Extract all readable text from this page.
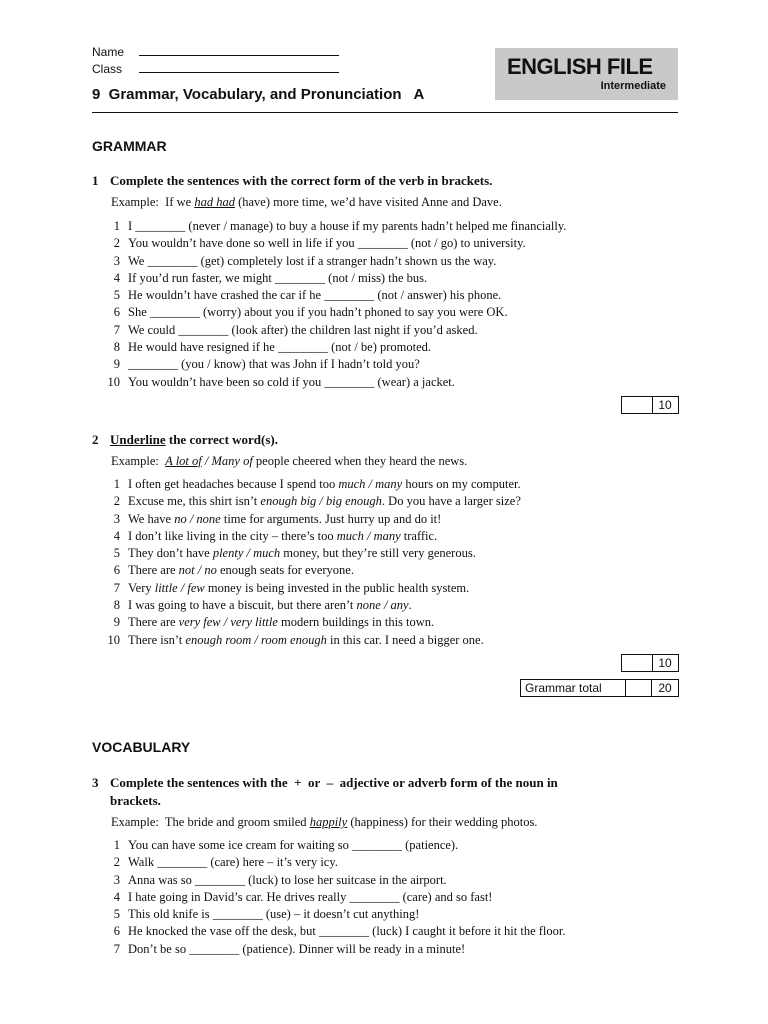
Name
Class	ENGLISH FILE
Intermediate
9  Grammar, Vocabulary, and Pronunciation   A
GRAMMAR
1 Complete the sentences with the correct form of the verb in brackets.
Example:  If we had had (have) more time, we’d have visited Anne and Dave.
1 I ________ (never / manage) to buy a house if my parents hadn’t helped me financially.
2 You wouldn’t have done so well in life if you ________ (not / go) to university.
3 We ________ (get) completely lost if a stranger hadn’t shown us the way.
4 If you’d run faster, we might ________ (not / miss) the bus.
5 He wouldn’t have crashed the car if he ________ (not / answer) his phone.
6 She ________ (worry) about you if you hadn’t phoned to say you were OK.
7 We could ________ (look after) the children last night if you’d asked.
8 He would have resigned if he ________ (not / be) promoted.
9 ________ (you / know) that was John if I hadn’t told you?
10 You wouldn’t have been so cold if you ________ (wear) a jacket.
10
2 Underline the correct word(s).
Example:  A lot of / Many of people cheered when they heard the news.
1 I often get headaches because I spend too much / many hours on my computer.
2 Excuse me, this shirt isn’t enough big / big enough. Do you have a larger size?
3 We have no / none time for arguments. Just hurry up and do it!
4 I don’t like living in the city – there’s too much / many traffic.
5 They don’t have plenty / much money, but they’re still very generous.
6 There are not / no enough seats for everyone.
7 Very little / few money is being invested in the public health system.
8 I was going to have a biscuit, but there aren’t none / any.
9 There are very few / very little modern buildings in this town.
10 There isn’t enough room / room enough in this car. I need a bigger one.
10
Grammar total	20
VOCABULARY
3 Complete the sentences with the  +  or  –  adjective or adverb form of the noun in
brackets.
Example:  The bride and groom smiled happily (happiness) for their wedding photos.
1 You can have some ice cream for waiting so ________ (patience).
2 Walk ________ (care) here – it’s very icy.
3 Anna was so ________ (luck) to lose her suitcase in the airport.
4 I hate going in David’s car. He drives really ________ (care) and so fast!
5 This old knife is ________ (use) – it doesn’t cut anything!
6 He knocked the vase off the desk, but ________ (luck) I caught it before it hit the floor.
7 Don’t be so ________ (patience). Dinner will be ready in a minute!
